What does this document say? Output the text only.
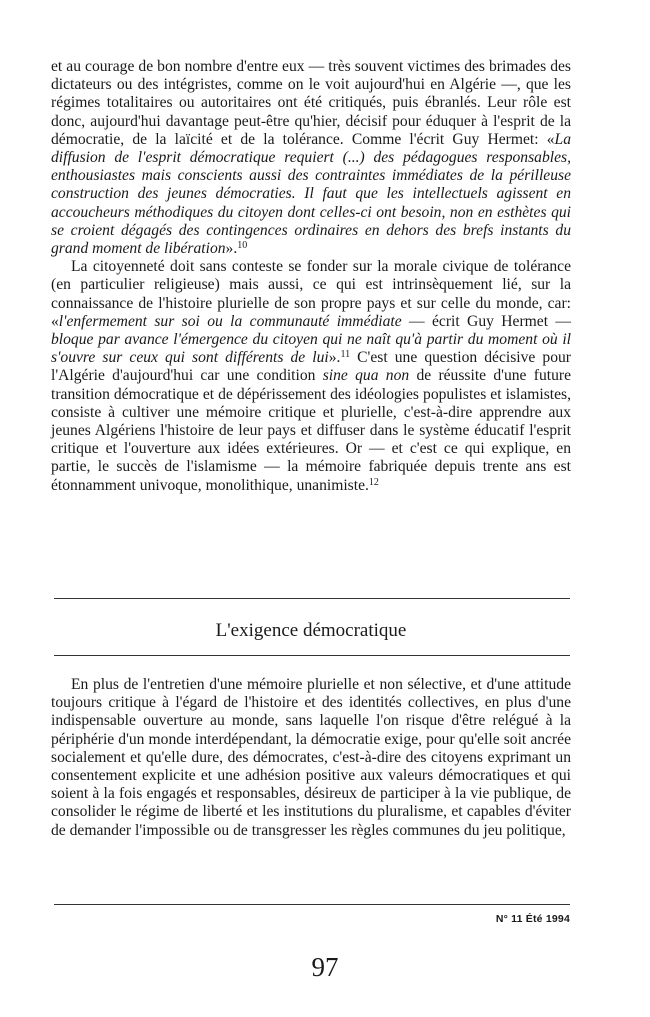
et au courage de bon nombre d'entre eux — très souvent victimes des brimades des dictateurs ou des intégristes, comme on le voit aujourd'hui en Algérie —, que les régimes totalitaires ou autoritaires ont été critiqués, puis ébranlés. Leur rôle est donc, aujourd'hui davantage peut-être qu'hier, décisif pour éduquer à l'esprit de la démocratie, de la laïcité et de la tolérance. Comme l'écrit Guy Hermet: «La diffusion de l'esprit démocratique requiert (...) des pédagogues responsables, enthousiastes mais conscients aussi des contraintes immédiates de la périlleuse construction des jeunes démocraties. Il faut que les intellectuels agissent en accoucheurs méthodiques du citoyen dont celles-ci ont besoin, non en esthètes qui se croient dégagés des contingences ordinaires en dehors des brefs instants du grand moment de libération».$^{10}$

La citoyenneté doit sans conteste se fonder sur la morale civique de tolérance (en particulier religieuse) mais aussi, ce qui est intrinsèquement lié, sur la connaissance de l'histoire plurielle de son propre pays et sur celle du monde, car: «l'enfermement sur soi ou la communauté immédiate — écrit Guy Hermet — bloque par avance l'émergence du citoyen qui ne naît qu'à partir du moment où il s'ouvre sur ceux qui sont différents de lui».$^{11}$ C'est une question décisive pour l'Algérie d'aujourd'hui car une condition sine qua non de réussite d'une future transition démocratique et de dépérissement des idéologies populistes et islamistes, consiste à cultiver une mémoire critique et plurielle, c'est-à-dire apprendre aux jeunes Algériens l'histoire de leur pays et diffuser dans le système éducatif l'esprit critique et l'ouverture aux idées extérieures. Or — et c'est ce qui explique, en partie, le succès de l'islamisme — la mémoire fabriquée depuis trente ans est étonnamment univoque, monolithique, unanimiste.$^{12}$

L'exigence démocratique

En plus de l'entretien d'une mémoire plurielle et non sélective, et d'une attitude toujours critique à l'égard de l'histoire et des identités collectives, en plus d'une indispensable ouverture au monde, sans laquelle l'on risque d'être relégué à la périphérie d'un monde interdépendant, la démocratie exige, pour qu'elle soit ancrée socialement et qu'elle dure, des démocrates, c'est-à-dire des citoyens exprimant un consentement explicite et une adhésion positive aux valeurs démocratiques et qui soient à la fois engagés et responsables, désireux de participer à la vie publique, de consolider le régime de liberté et les institutions du pluralisme, et capables d'éviter de demander l'impossible ou de transgresser les règles communes du jeu politique,

N° 11 Été 1994
97
